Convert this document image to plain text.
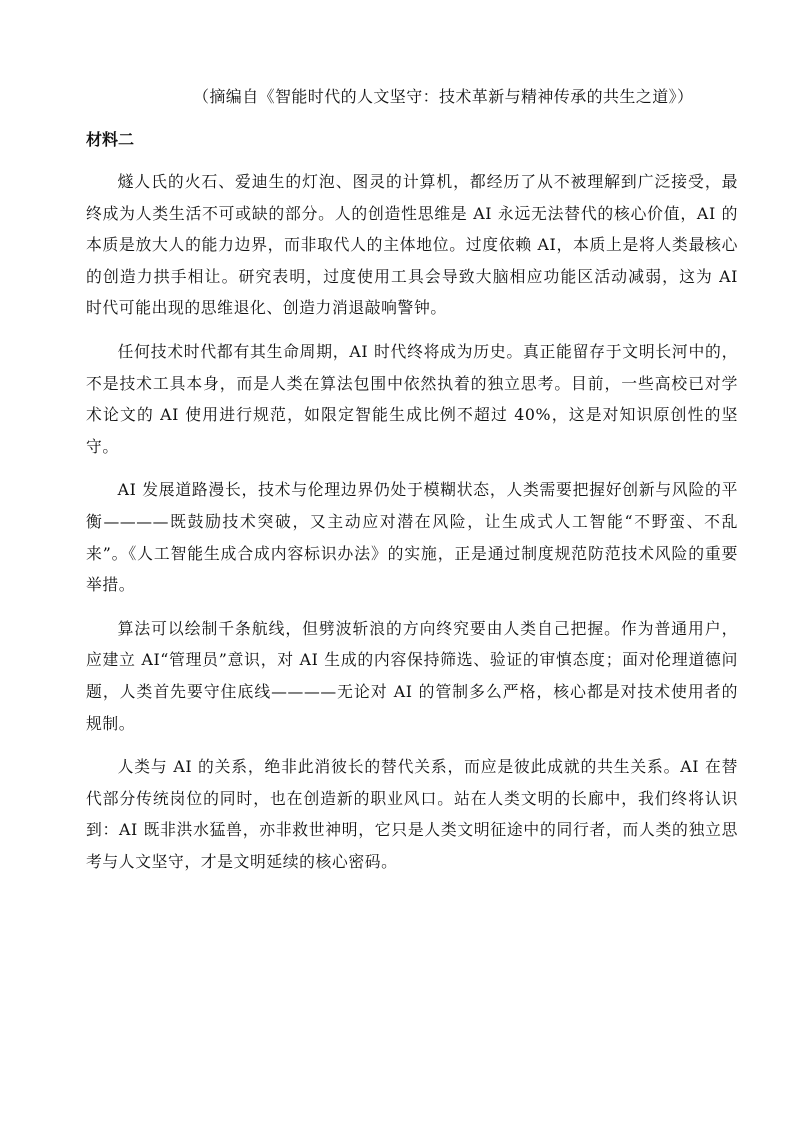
（摘编自《智能时代的人文坚守：技术革新与精神传承的共生之道》）
材料二

燧人氏的火石、爱迪生的灯泡、图灵的计算机，都经历了从不被理解到广泛接受，最终成为人类生活不可或缺的部分。人的创造性思维是 AI 永远无法替代的核心价值，AI 的本质是放大人的能力边界，而非取代人的主体地位。过度依赖 AI，本质上是将人类最核心的创造力拱手相让。研究表明，过度使用工具会导致大脑相应功能区活动减弱，这为 AI 时代可能出现的思维退化、创造力消退敲响警钟。

任何技术时代都有其生命周期，AI 时代终将成为历史。真正能留存于文明长河中的，不是技术工具本身，而是人类在算法包围中依然执着的独立思考。目前，一些高校已对学术论文的 AI 使用进行规范，如限定智能生成比例不超过 40%，这是对知识原创性的坚守。

AI 发展道路漫长，技术与伦理边界仍处于模糊状态，人类需要把握好创新与风险的平衡————既鼓励技术突破，又主动应对潜在风险，让生成式人工智能“不野蛮、不乱来”。《人工智能生成合成内容标识办法》的实施，正是通过制度规范防范技术风险的重要举措。

算法可以绘制千条航线，但劈波斩浪的方向终究要由人类自己把握。作为普通用户，应建立 AI“管理员”意识，对 AI 生成的内容保持筛选、验证的审慎态度；面对伦理道德问题，人类首先要守住底线————无论对 AI 的管制多么严格，核心都是对技术使用者的规制。

人类与 AI 的关系，绝非此消彼长的替代关系，而应是彼此成就的共生关系。AI 在替代部分传统岗位的同时，也在创造新的职业风口。站在人类文明的长廊中，我们终将认识到：AI 既非洪水猛兽，亦非救世神明，它只是人类文明征途中的同行者，而人类的独立思考与人文坚守，才是文明延续的核心密码。
